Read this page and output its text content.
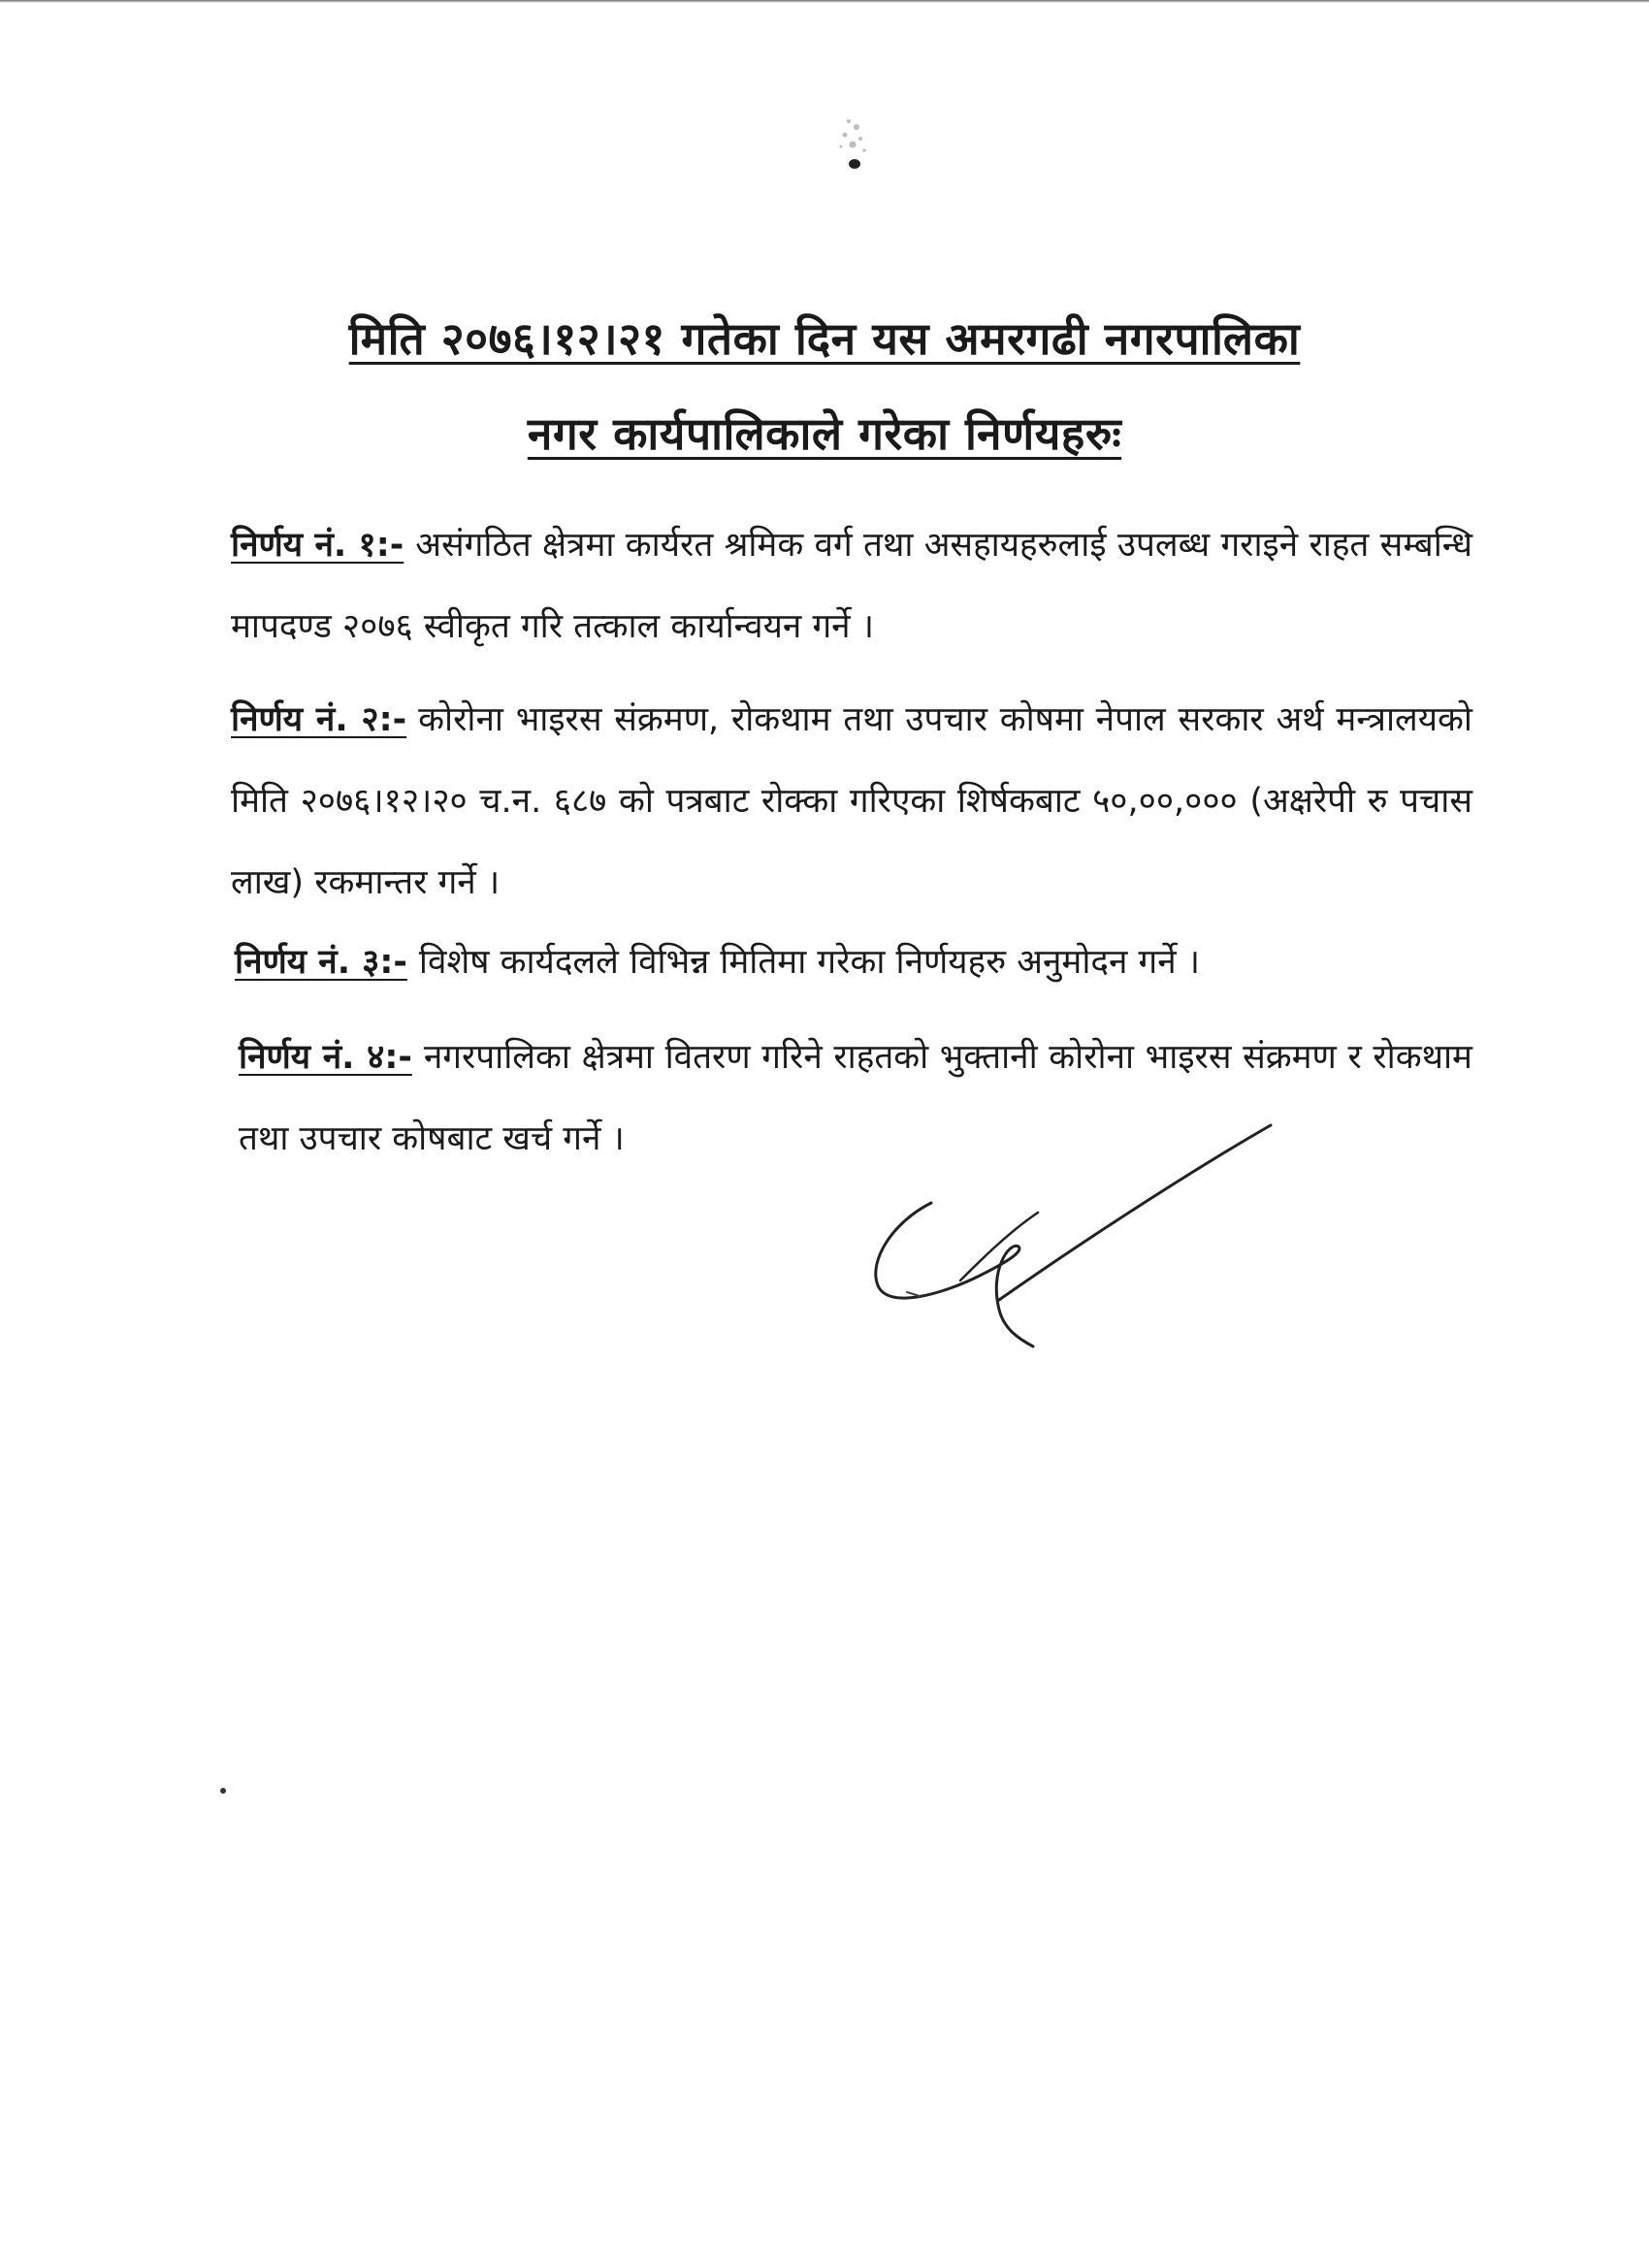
मिति २०७६।१२।२१ गतेका दिन यस अमरगढी नगरपालिका
नगर कार्यपालिकाले गरेका निर्णयहरुः
निर्णय नं. १:- असंगठित क्षेत्रमा कार्यरत श्रमिक वर्ग तथा असहायहरुलाई उपलब्ध गराइने राहत सम्बन्धि मापदण्ड २०७६ स्वीकृत गरि तत्काल कार्यान्वयन गर्ने ।
निर्णय नं. २:- कोरोना भाइरस संक्रमण, रोकथाम तथा उपचार कोषमा नेपाल सरकार अर्थ मन्त्रालयको मिति २०७६।१२।२० च.न. ६८७ को पत्रबाट रोक्का गरिएका शिर्षकबाट ५०,००,००० (अक्षरेपी रु पचास लाख) रकमान्तर गर्ने ।
निर्णय नं. ३:- विशेष कार्यदलले विभिन्न मितिमा गरेका निर्णयहरु अनुमोदन गर्ने ।
निर्णय नं. ४:- नगरपालिका क्षेत्रमा वितरण गरिने राहतको भुक्तानी कोरोना भाइरस संक्रमण र रोकथाम तथा उपचार कोषबाट खर्च गर्ने ।
